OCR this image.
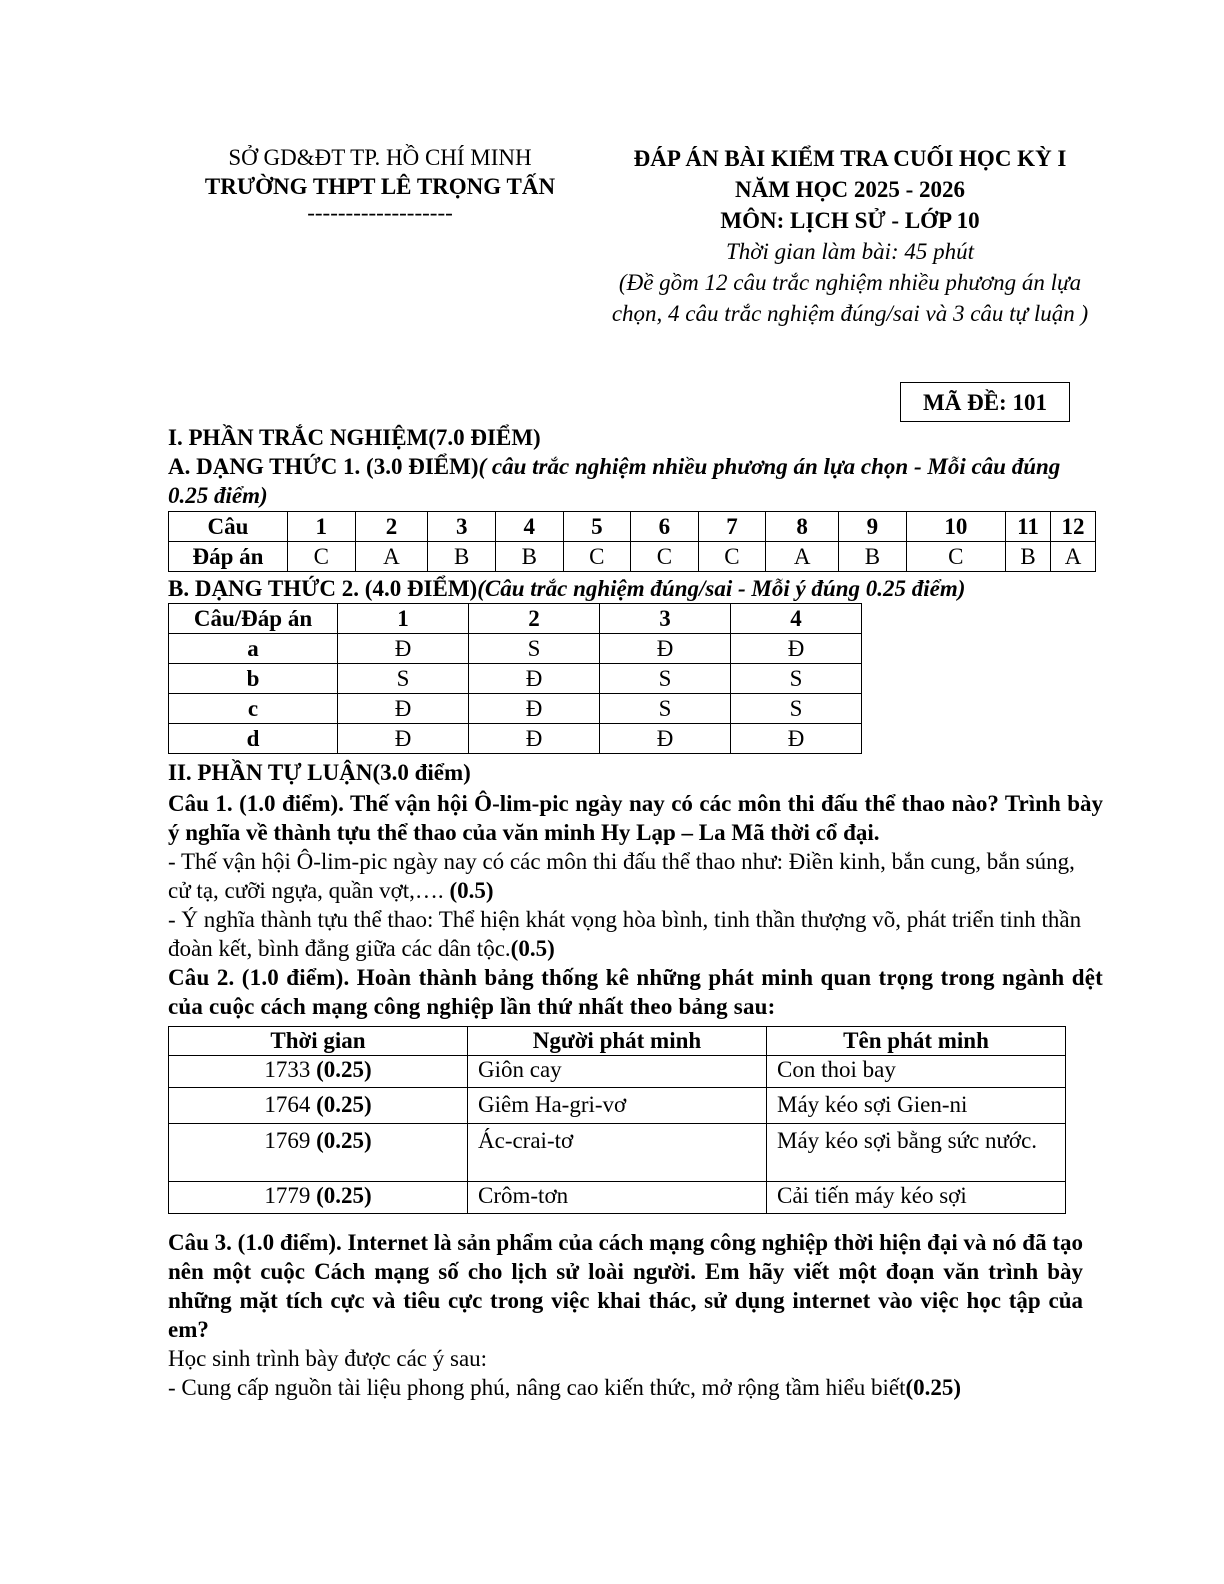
SỞ GD&ĐT TP. HỒ CHÍ MINH
TRƯỜNG THPT LÊ TRỌNG TẤN
-------------------
ĐÁP ÁN BÀI KIỂM TRA CUỐI HỌC KỲ I
NĂM HỌC 2025 - 2026
MÔN: LỊCH SỬ - LỚP 10
Thời gian làm bài: 45 phút
(Đề gồm 12 câu trắc nghiệm nhiều phương án lựa chọn, 4 câu trắc nghiệm đúng/sai và 3 câu tự luận )
MÃ ĐỀ: 101
I. PHẦN TRẮC NGHIỆM(7.0 ĐIỂM)
A. DẠNG THỨC 1. (3.0 ĐIỂM)( câu trắc nghiệm nhiều phương án lựa chọn - Mỗi câu đúng 0.25 điểm)
Câu	1	2	3	4	5	6	7	8	9	10	11	12
Đáp án	C	A	B	B	C	C	C	A	B	C	B	A
B. DẠNG THỨC 2. (4.0 ĐIỂM)(Câu trắc nghiệm đúng/sai - Mỗi ý đúng 0.25 điểm)
Câu/Đáp án	1	2	3	4
a	Đ	S	Đ	Đ
b	S	Đ	S	S
c	Đ	Đ	S	S
d	Đ	Đ	Đ	Đ
II. PHẦN TỰ LUẬN(3.0 điểm)
Câu 1. (1.0 điểm). Thế vận hội Ô-lim-pic ngày nay có các môn thi đấu thể thao nào? Trình bày ý nghĩa về thành tựu thể thao của văn minh Hy Lạp – La Mã thời cổ đại.
- Thế vận hội Ô-lim-pic ngày nay có các môn thi đấu thể thao như: Điền kinh, bắn cung, bắn súng, cử tạ, cưỡi ngựa, quần vợt,…. (0.5)
- Ý nghĩa thành tựu thể thao: Thể hiện khát vọng hòa bình, tinh thần thượng võ, phát triển tinh thần đoàn kết, bình đẳng giữa các dân tộc.(0.5)
Câu 2. (1.0 điểm). Hoàn thành bảng thống kê những phát minh quan trọng trong ngành dệt của cuộc cách mạng công nghiệp lần thứ nhất theo bảng sau:
Thời gian	Người phát minh	Tên phát minh
1733 (0.25)	Giôn cay	Con thoi bay
1764 (0.25)	Giêm Ha-gri-vơ	Máy kéo sợi Gien-ni
1769 (0.25)	Ác-crai-tơ	Máy kéo sợi bằng sức nước.
1779 (0.25)	Crôm-tơn	Cải tiến máy kéo sợi
Câu 3. (1.0 điểm). Internet là sản phẩm của cách mạng công nghiệp thời hiện đại và nó đã tạo nên một cuộc Cách mạng số cho lịch sử loài người. Em hãy viết một đoạn văn trình bày những mặt tích cực và tiêu cực trong việc khai thác, sử dụng internet vào việc học tập của em?
Học sinh trình bày được các ý sau:
- Cung cấp nguồn tài liệu phong phú, nâng cao kiến thức, mở rộng tầm hiểu biết(0.25)
